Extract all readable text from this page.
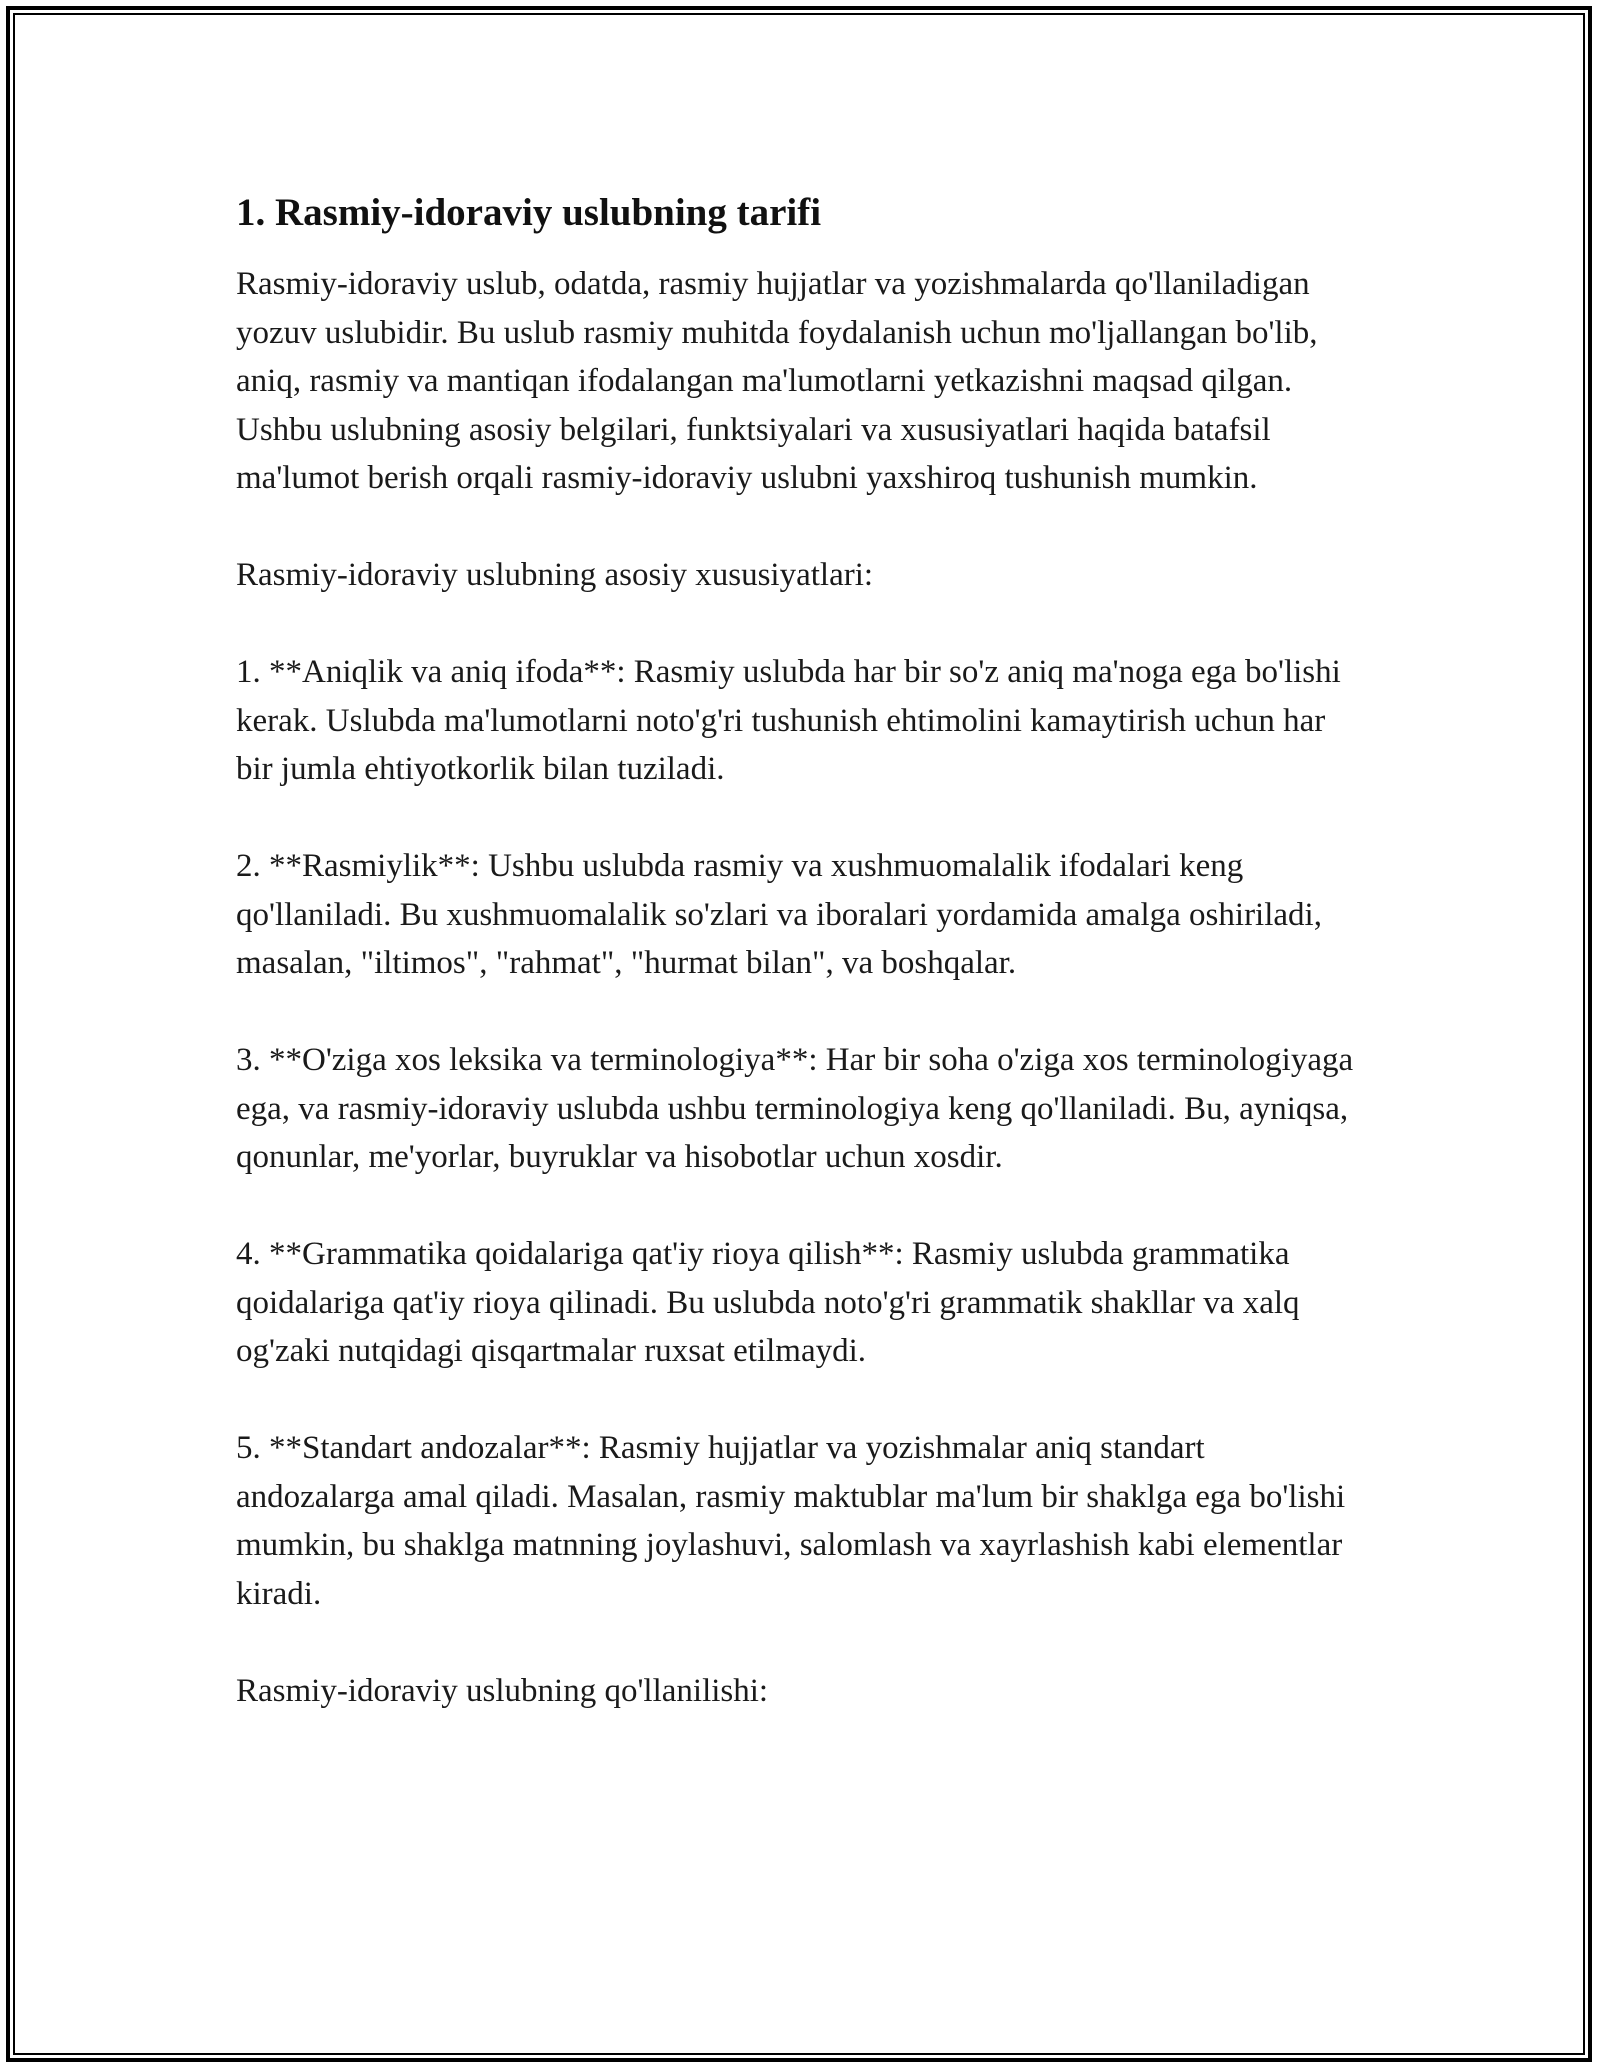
1. Rasmiy-idoraviy uslubning tarifi

Rasmiy-idoraviy uslub, odatda, rasmiy hujjatlar va yozishmalarda qo'llaniladigan yozuv uslubidir. Bu uslub rasmiy muhitda foydalanish uchun mo'ljallangan bo'lib, aniq, rasmiy va mantiqan ifodalangan ma'lumotlarni yetkazishni maqsad qilgan. Ushbu uslubning asosiy belgilari, funktsiyalari va xususiyatlari haqida batafsil ma'lumot berish orqali rasmiy-idoraviy uslubni yaxshiroq tushunish mumkin.

Rasmiy-idoraviy uslubning asosiy xususiyatlari:

1. **Aniqlik va aniq ifoda**: Rasmiy uslubda har bir so'z aniq ma'noga ega bo'lishi kerak. Uslubda ma'lumotlarni noto'g'ri tushunish ehtimolini kamaytirish uchun har bir jumla ehtiyotkorlik bilan tuziladi.

2. **Rasmiylik**: Ushbu uslubda rasmiy va xushmuomalalik ifodalari keng qo'llaniladi. Bu xushmuomalalik so'zlari va iboralari yordamida amalga oshiriladi, masalan, "iltimos", "rahmat", "hurmat bilan", va boshqalar.

3. **O'ziga xos leksika va terminologiya**: Har bir soha o'ziga xos terminologiyaga ega, va rasmiy-idoraviy uslubda ushbu terminologiya keng qo'llaniladi. Bu, ayniqsa, qonunlar, me'yorlar, buyruklar va hisobotlar uchun xosdir.

4. **Grammatika qoidalariga qat'iy rioya qilish**: Rasmiy uslubda grammatika qoidalariga qat'iy rioya qilinadi. Bu uslubda noto'g'ri grammatik shakllar va xalq og'zaki nutqidagi qisqartmalar ruxsat etilmaydi.

5. **Standart andozalar**: Rasmiy hujjatlar va yozishmalar aniq standart andozalarga amal qiladi. Masalan, rasmiy maktublar ma'lum bir shaklga ega bo'lishi mumkin, bu shaklga matnning joylashuvi, salomlash va xayrlashish kabi elementlar kiradi.

Rasmiy-idoraviy uslubning qo'llanilishi:
